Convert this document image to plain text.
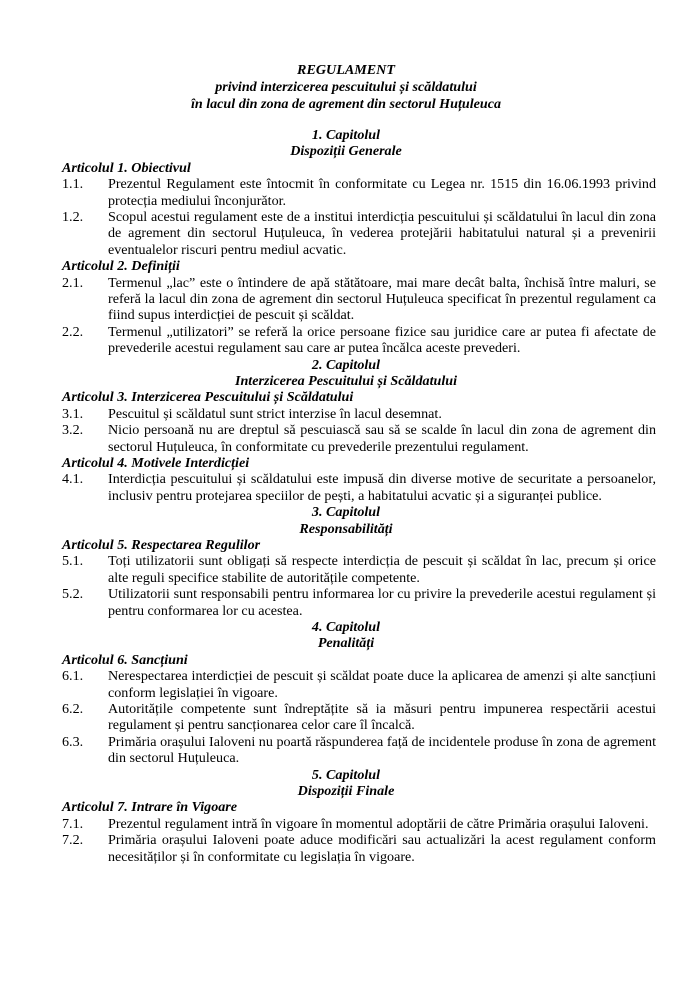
REGULAMENT
privind interzicerea pescuitului și scăldatului
în lacul din zona de agrement din sectorul Huțuleuca
1. Capitolul
Dispoziții Generale
Articolul 1. Obiectivul
1.1.	Prezentul Regulament este întocmit în conformitate cu Legea nr. 1515 din 16.06.1993 privind protecția mediului înconjurător.
1.2.	Scopul acestui regulament este de a institui interdicția pescuitului și scăldatului în lacul din zona de agrement din sectorul Huțuleuca, în vederea protejării habitatului natural și a prevenirii eventualelor riscuri pentru mediul acvatic.
Articolul 2. Definiții
2.1.	Termenul „lac” este o întindere de apă stătătoare, mai mare decât balta, închisă între maluri, se referă la lacul din zona de agrement din sectorul Huțuleuca specificat în prezentul regulament ca fiind supus interdicției de pescuit și scăldat.
2.2.	Termenul „utilizatori” se referă la orice persoane fizice sau juridice care ar putea fi afectate de prevederile acestui regulament sau care ar putea încălca aceste prevederi.
2. Capitolul
Interzicerea Pescuitului și Scăldatului
Articolul 3. Interzicerea Pescuitului și Scăldatului
3.1.	Pescuitul și scăldatul sunt strict interzise în lacul desemnat.
3.2.	Nicio persoană nu are dreptul să pescuiască sau să se scalde în lacul din zona de agrement din sectorul Huțuleuca, în conformitate cu prevederile prezentului regulament.
Articolul 4. Motivele Interdicției
4.1.	Interdicția pescuitului și scăldatului este impusă din diverse motive de securitate a persoanelor, inclusiv pentru protejarea speciilor de pești, a habitatului acvatic și a siguranței publice.
3. Capitolul
Responsabilități
Articolul 5. Respectarea Regulilor
5.1.	Toți utilizatorii sunt obligați să respecte interdicția de pescuit și scăldat în lac, precum și orice alte reguli specifice stabilite de autoritățile competente.
5.2.	Utilizatorii sunt responsabili pentru informarea lor cu privire la prevederile acestui regulament și pentru conformarea lor cu acestea.
4. Capitolul
Penalități
Articolul 6. Sancțiuni
6.1.	Nerespectarea interdicției de pescuit și scăldat poate duce la aplicarea de amenzi și alte sancțiuni conform legislației în vigoare.
6.2.	Autoritățile competente sunt îndreptățite să ia măsuri pentru impunerea respectării acestui regulament și pentru sancționarea celor care îl încalcă.
6.3.	Primăria orașului Ialoveni nu poartă răspunderea față de incidentele produse în zona de agrement din sectorul Huțuleuca.
5. Capitolul
Dispoziții Finale
Articolul 7. Intrare în Vigoare
7.1.	Prezentul regulament intră în vigoare în momentul adoptării de către Primăria orașului Ialoveni.
7.2.	Primăria orașului Ialoveni poate aduce modificări sau actualizări la acest regulament conform necesităților și în conformitate cu legislația în vigoare.
